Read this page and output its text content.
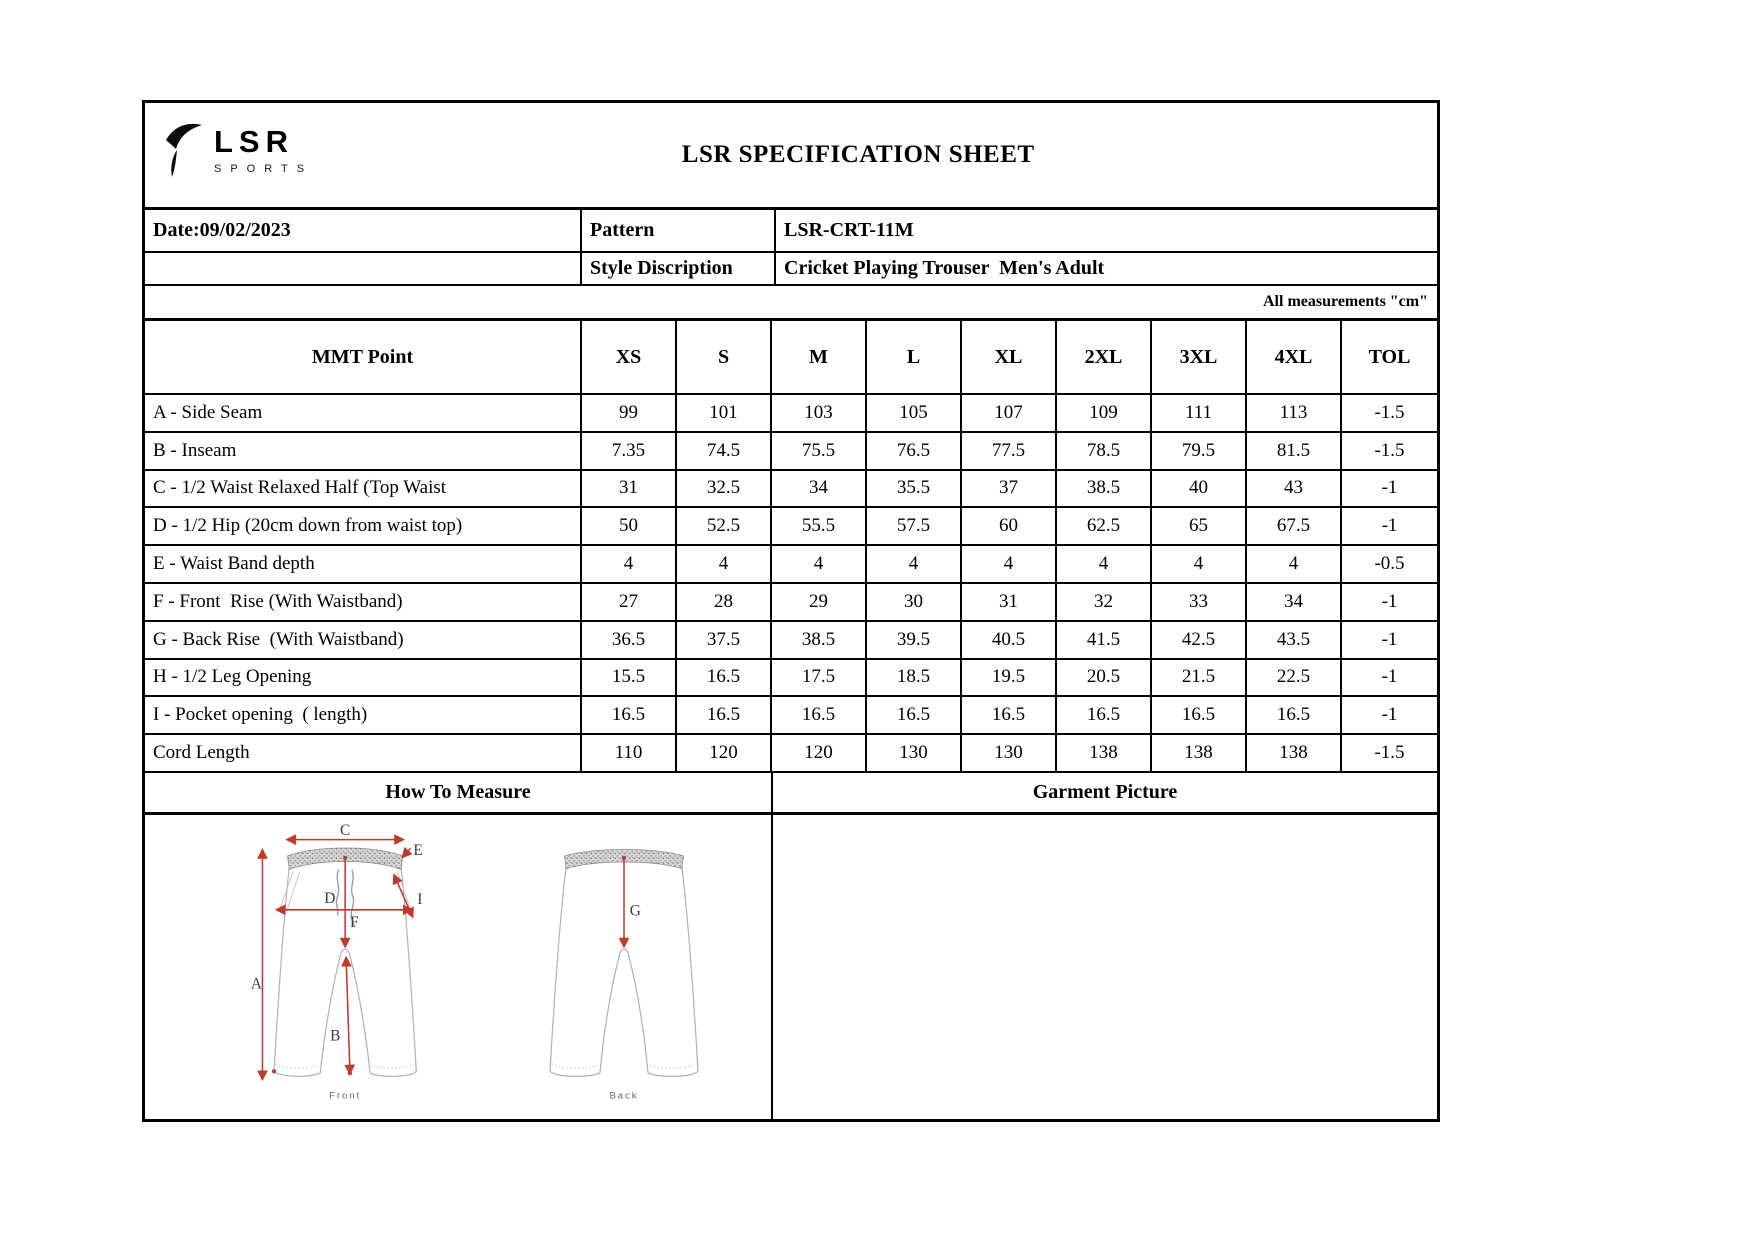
LSR
SPORTS
LSR SPECIFICATION SHEET
Date:09/02/2023	Pattern	LSR-CRT-11M
Style Discription	Cricket Playing Trouser  Men's Adult
All measurements "cm"
MMT Point	XS	S	M	L	XL	2XL	3XL	4XL	TOL
A - Side Seam	99	101	103	105	107	109	111	113	-1.5
B - Inseam	7.35	74.5	75.5	76.5	77.5	78.5	79.5	81.5	-1.5
C - 1/2 Waist Relaxed Half (Top Waist	31	32.5	34	35.5	37	38.5	40	43	-1
D - 1/2 Hip (20cm down from waist top)	50	52.5	55.5	57.5	60	62.5	65	67.5	-1
E - Waist Band depth	4	4	4	4	4	4	4	4	-0.5
F - Front  Rise (With Waistband)	27	28	29	30	31	32	33	34	-1
G - Back Rise  (With Waistband)	36.5	37.5	38.5	39.5	40.5	41.5	42.5	43.5	-1
H - 1/2 Leg Opening	15.5	16.5	17.5	18.5	19.5	20.5	21.5	22.5	-1
I - Pocket opening  ( length)	16.5	16.5	16.5	16.5	16.5	16.5	16.5	16.5	-1
Cord Length	110	120	120	130	130	138	138	138	-1.5
How To Measure	Garment Picture
A
C
E
I
D
F
B
Front
G
Back
